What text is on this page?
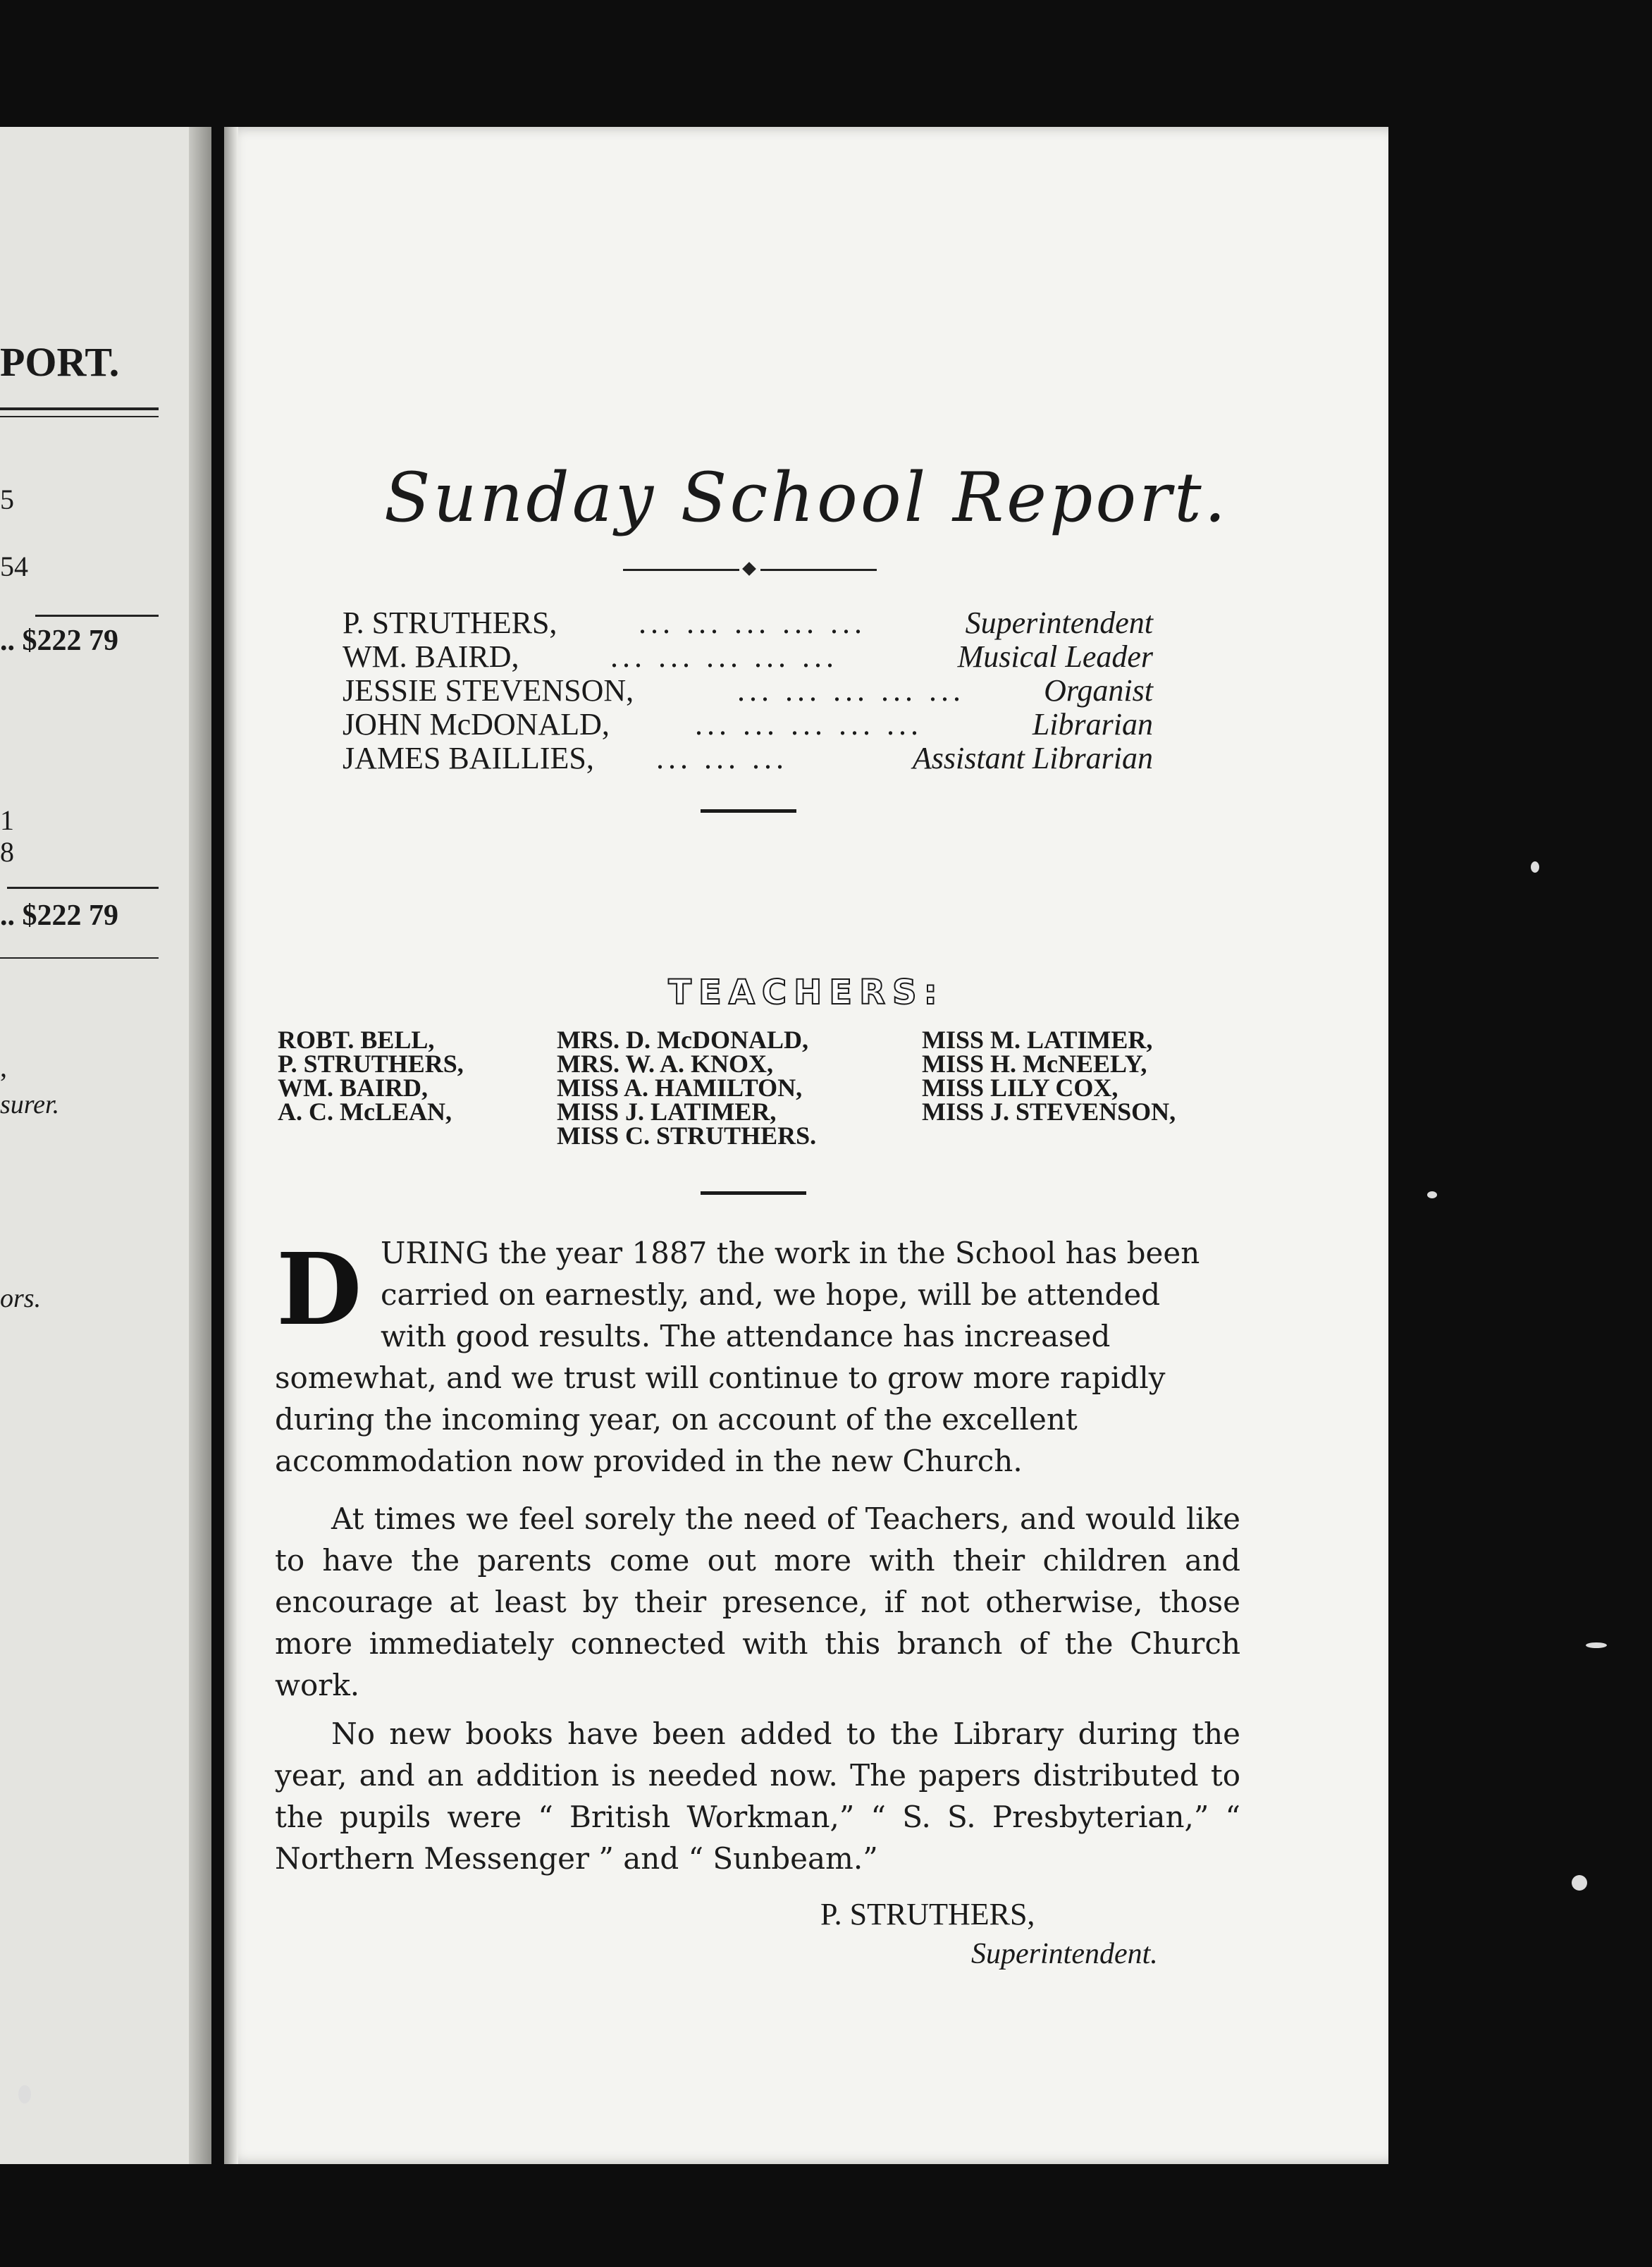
PORT.
5
54
.. $222 79
1
8
.. $222 79
,
surer.
ors.
Sunday School Report.
P. STRUTHERS,	... ... ... ... ...	Superintendent
WM. BAIRD,	... ... ... ... ...	Musical Leader
JESSIE STEVENSON,	... ... ... ... ...	Organist
JOHN McDONALD,	... ... ... ... ...	Librarian
JAMES BAILLIES, ... ... ...	Assistant Librarian
TEACHERS:
ROBT. BELL,
P. STRUTHERS,
WM. BAIRD,
A. C. McLEAN,
MRS. D. McDONALD,
MRS. W. A. KNOX,
MISS A. HAMILTON,
MISS J. LATIMER,
MISS C. STRUTHERS.
MISS M. LATIMER,
MISS H. McNEELY,
MISS LILY COX,
MISS J. STEVENSON,
D URING the year 1887 the work in the School has been
carried on earnestly, and, we hope, will be attended
with good results. The attendance has increased
somewhat, and we trust will continue to grow more rapidly
during the incoming year, on account of the excellent
accommodation now provided in the new Church.
At times we feel sorely the need of Teachers, and would like to have the parents come out more with their children and encourage at least by their presence, if not otherwise, those more immediately connected with this branch of the Church work.
No new books have been added to the Library during the year, and an addition is needed now. The papers distributed to the pupils were “ British Workman,” “ S. S. Presbyterian,” “ Northern Messenger ” and “ Sunbeam.”
P. STRUTHERS,
Superintendent.
